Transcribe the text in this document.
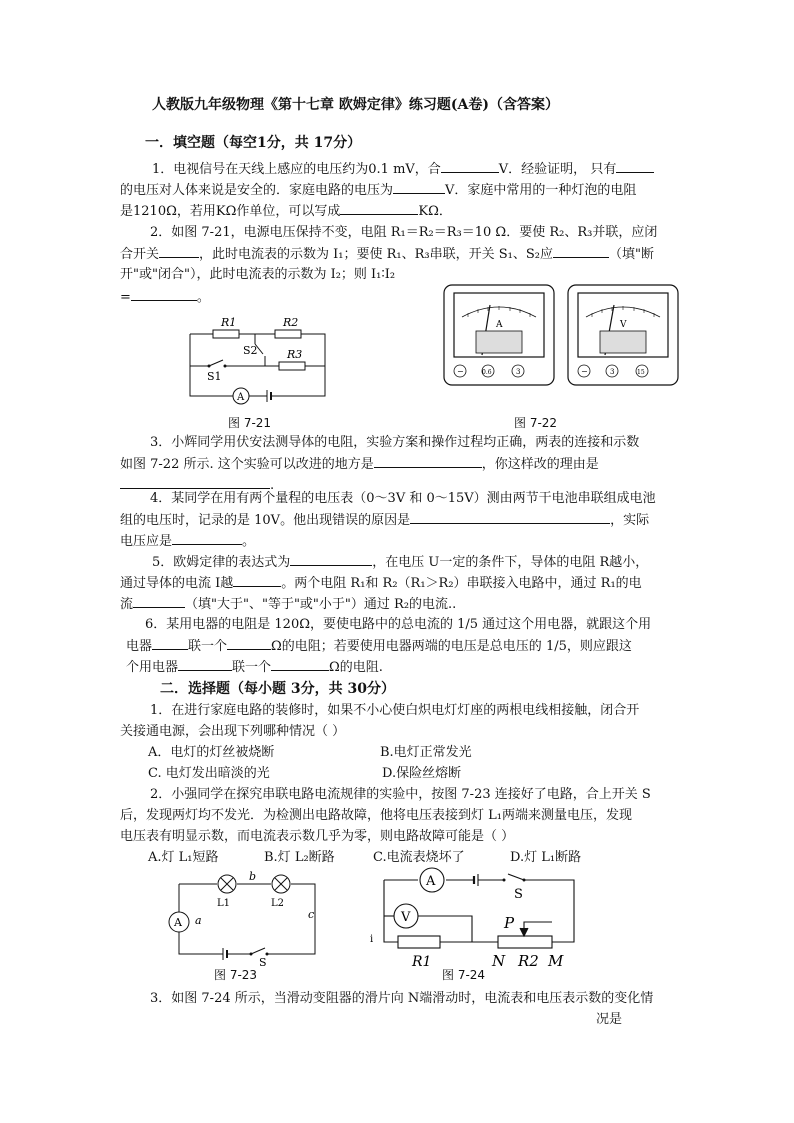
人教版九年级物理《第十七章 欧姆定律》练习题(A卷)（含答案）
一．填空题（每空1分，共 17分）
1．电视信号在天线上感应的电压约为0.1 mV，合	V．经验证明， 只有
的电压对人体来说是安全的．家庭电路的电压为	V．家庭中常用的一种灯泡的电阻
是1210Ω，若用KΩ作单位，可以写成	KΩ．
2．如图 7-21，电源电压保持不变，电阻 R₁＝R₂＝R₃＝10 Ω．要使 R₂、R₃并联，应闭
合开关	，此时电流表的示数为 I₁；要使 R₁、R₃串联，开关 S₁、S₂应	（填"断
开"或"闭合"），此时电流表的示数为 I₂；则 I₁∶I₂
=	。
R1	R2
R3
S2
S1
A
图 7-21
A	V
−	0.6	3	−	3	15
图 7-22
3．小辉同学用伏安法测导体的电阻，实验方案和操作过程均正确，两表的连接和示数
如图 7-22 所示. 这个实验可以改进的地方是	，你这样改的理由是
.
4．某同学在用有两个量程的电压表（0～3V 和 0～15V）测由两节干电池串联组成电池
组的电压时，记录的是 10V。他出现错误的原因是	，实际
电压应是	。
5．欧姆定律的表达式为	，在电压 U一定的条件下，导体的电阻 R越小，
通过导体的电流 I越	。两个电阻 R₁和 R₂（R₁＞R₂）串联接入电路中，通过 R₁的电
流	（填"大于"、"等于"或"小于"）通过 R₂的电流..
6．某用电器的电阻是 120Ω，要使电路中的总电流的 1/5 通过这个用电器，就跟这个用
电器	联一个	Ω的电阻；若要使用电器两端的电压是总电压的 1/5，则应跟这
个用电器	联一个	Ω的电阻.
二．选择题（每小题 3分，共 30分）
1．在进行家庭电路的装修时，如果不小心使白炽电灯灯座的两根电线相接触，闭合开
关接通电源，会出现下列哪种情况（ ）
A．电灯的灯丝被烧断	B.电灯正常发光
C. 电灯发出暗淡的光	D.保险丝熔断
2．小强同学在探究串联电路电流规律的实验中，按图 7-23 连接好了电路，合上开关 S
后，发现两灯均不发光．为检测出电路故障，他将电压表接到灯 L₁两端来测量电压，发现
电压表有明显示数，而电流表示数几乎为零，则电路故障可能是（ ）
A.灯 L₁短路	B.灯 L₂断路	C.电流表烧坏了	D.灯 L₁断路
A a
b
c
L1	L2
S
图 7-23
A
V
S
P
R1	N R2 M
i
图 7-24
3．如图 7-24 所示，当滑动变阻器的滑片向 N端滑动时，电流表和电压表示数的变化情
况是
